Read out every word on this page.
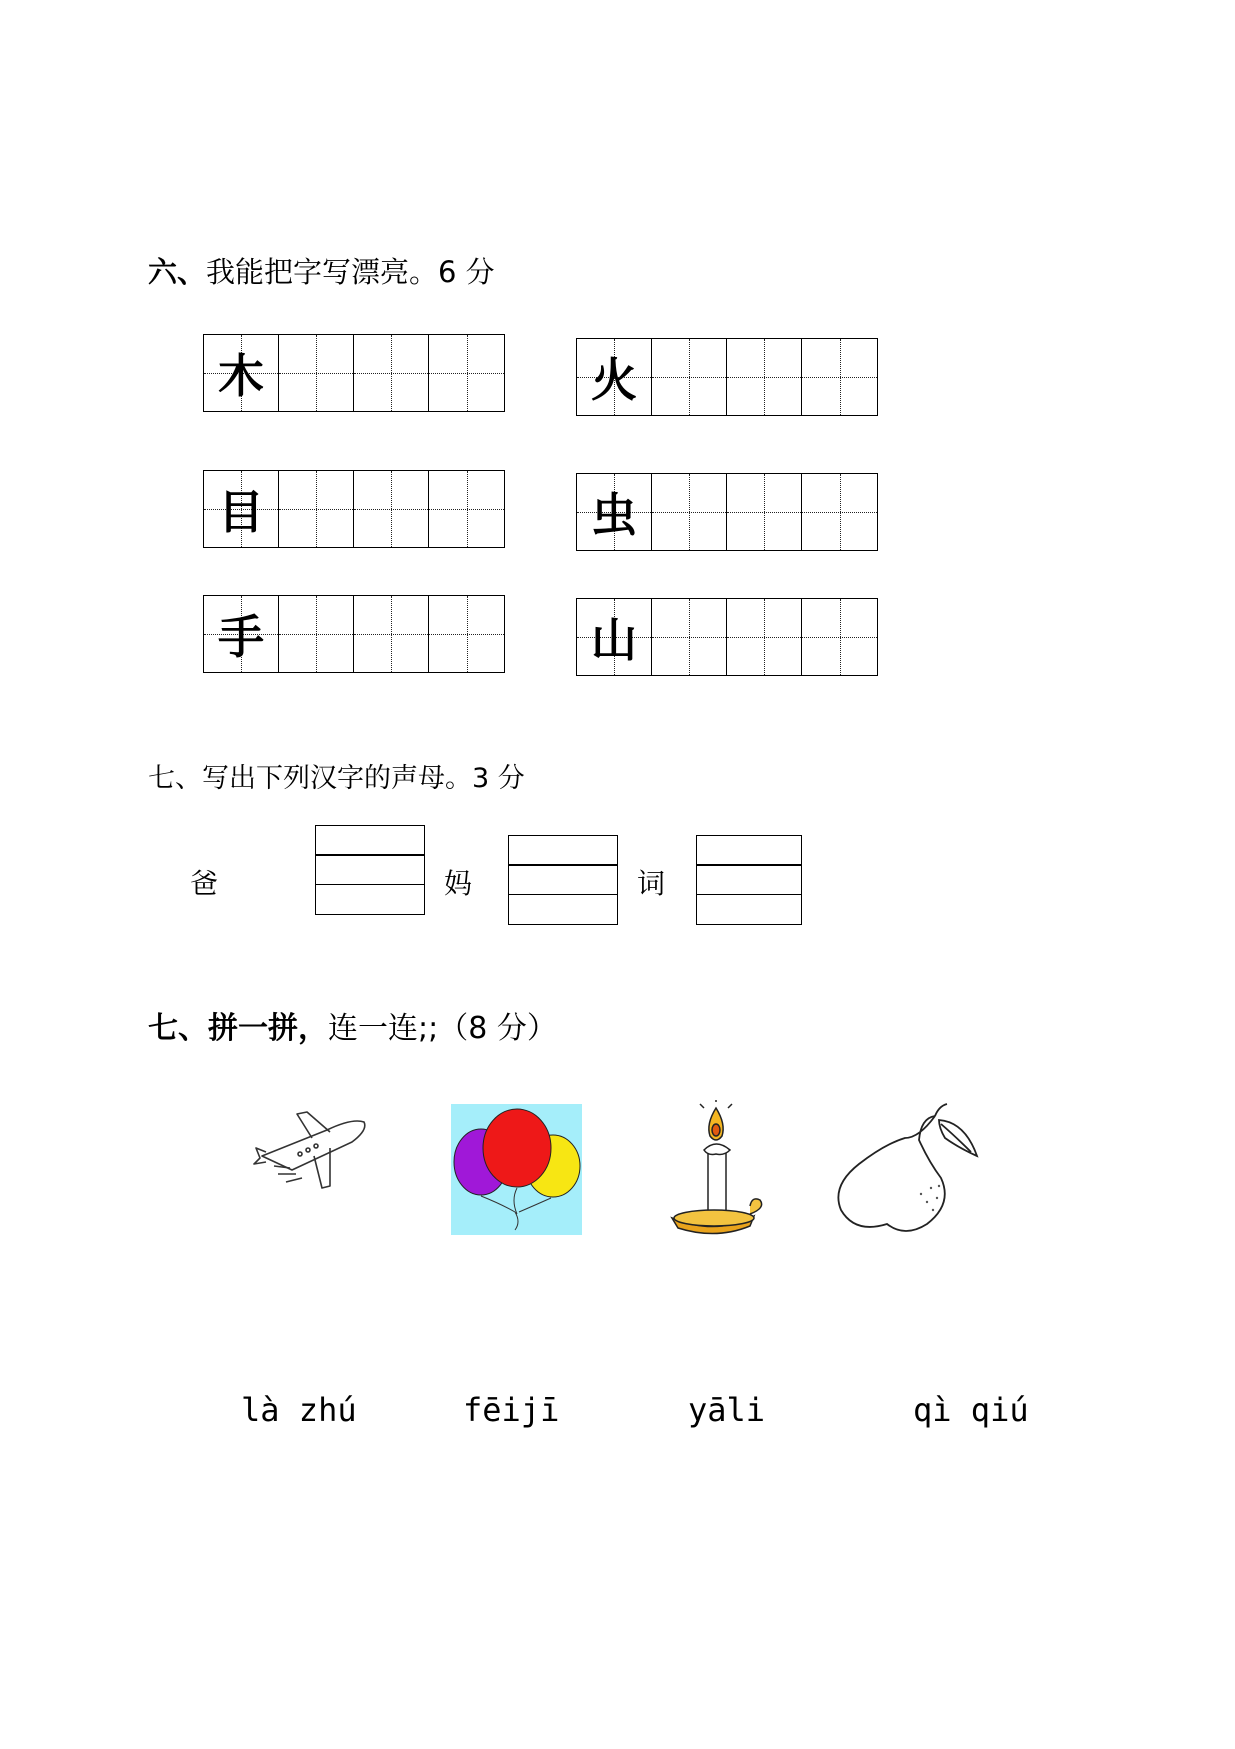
六、我能把字写漂亮。6 分
木	火
目	虫
手	山
七、写出下列汉字的声母。3 分
爸	妈	词
七、拼一拼，连一连;;（8 分）
là zhú	fēijī	yāli	qì qiú
